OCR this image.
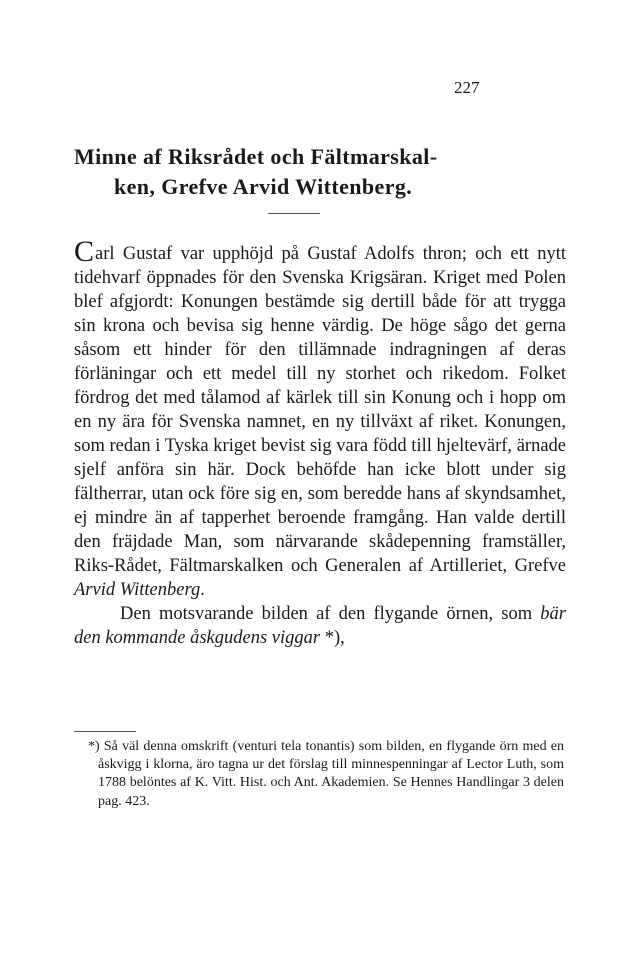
227
Minne af Riksrådet och Fältmarskal-
ken, Grefve Arvid Wittenberg.

Carl Gustaf var upphöjd på Gustaf Adolfs thron; och ett nytt tidehvarf öppnades för den Svenska Krigsäran. Kriget med Polen blef afgjordt: Konungen bestämde sig dertill både för att trygga sin krona och bevisa sig henne värdig. De höge sågo det gerna såsom ett hinder för den tillämnade indragningen af deras förläningar och ett medel till ny storhet och rikedom. Folket fördrog det med tålamod af kärlek till sin Konung och i hopp om en ny ära för Svenska namnet, en ny tillväxt af riket. Konungen, som redan i Tyska kriget bevist sig vara född till hjeltevärf, ärnade sjelf anföra sin här. Dock behöfde han icke blott under sig fältherrar, utan ock före sig en, som beredde hans af skyndsamhet, ej mindre än af tapperhet beroende framgång. Han valde dertill den fräjdade Man, som närvarande skådepenning framställer, Riks-Rådet, Fältmarskalken och Generalen af Artilleriet, Grefve Arvid Wittenberg.

Den motsvarande bilden af den flygande örnen, som bär den kommande åskgudens viggar *),

*) Så väl denna omskrift (venturi tela tonantis) som bilden, en flygande örn med en åskvigg i klorna, äro tagna ur det förslag till minnespenningar af Lector Luth, som 1788 belöntes af K. Vitt. Hist. och Ant. Akademien. Se Hennes Handlingar 3 delen pag. 423.
